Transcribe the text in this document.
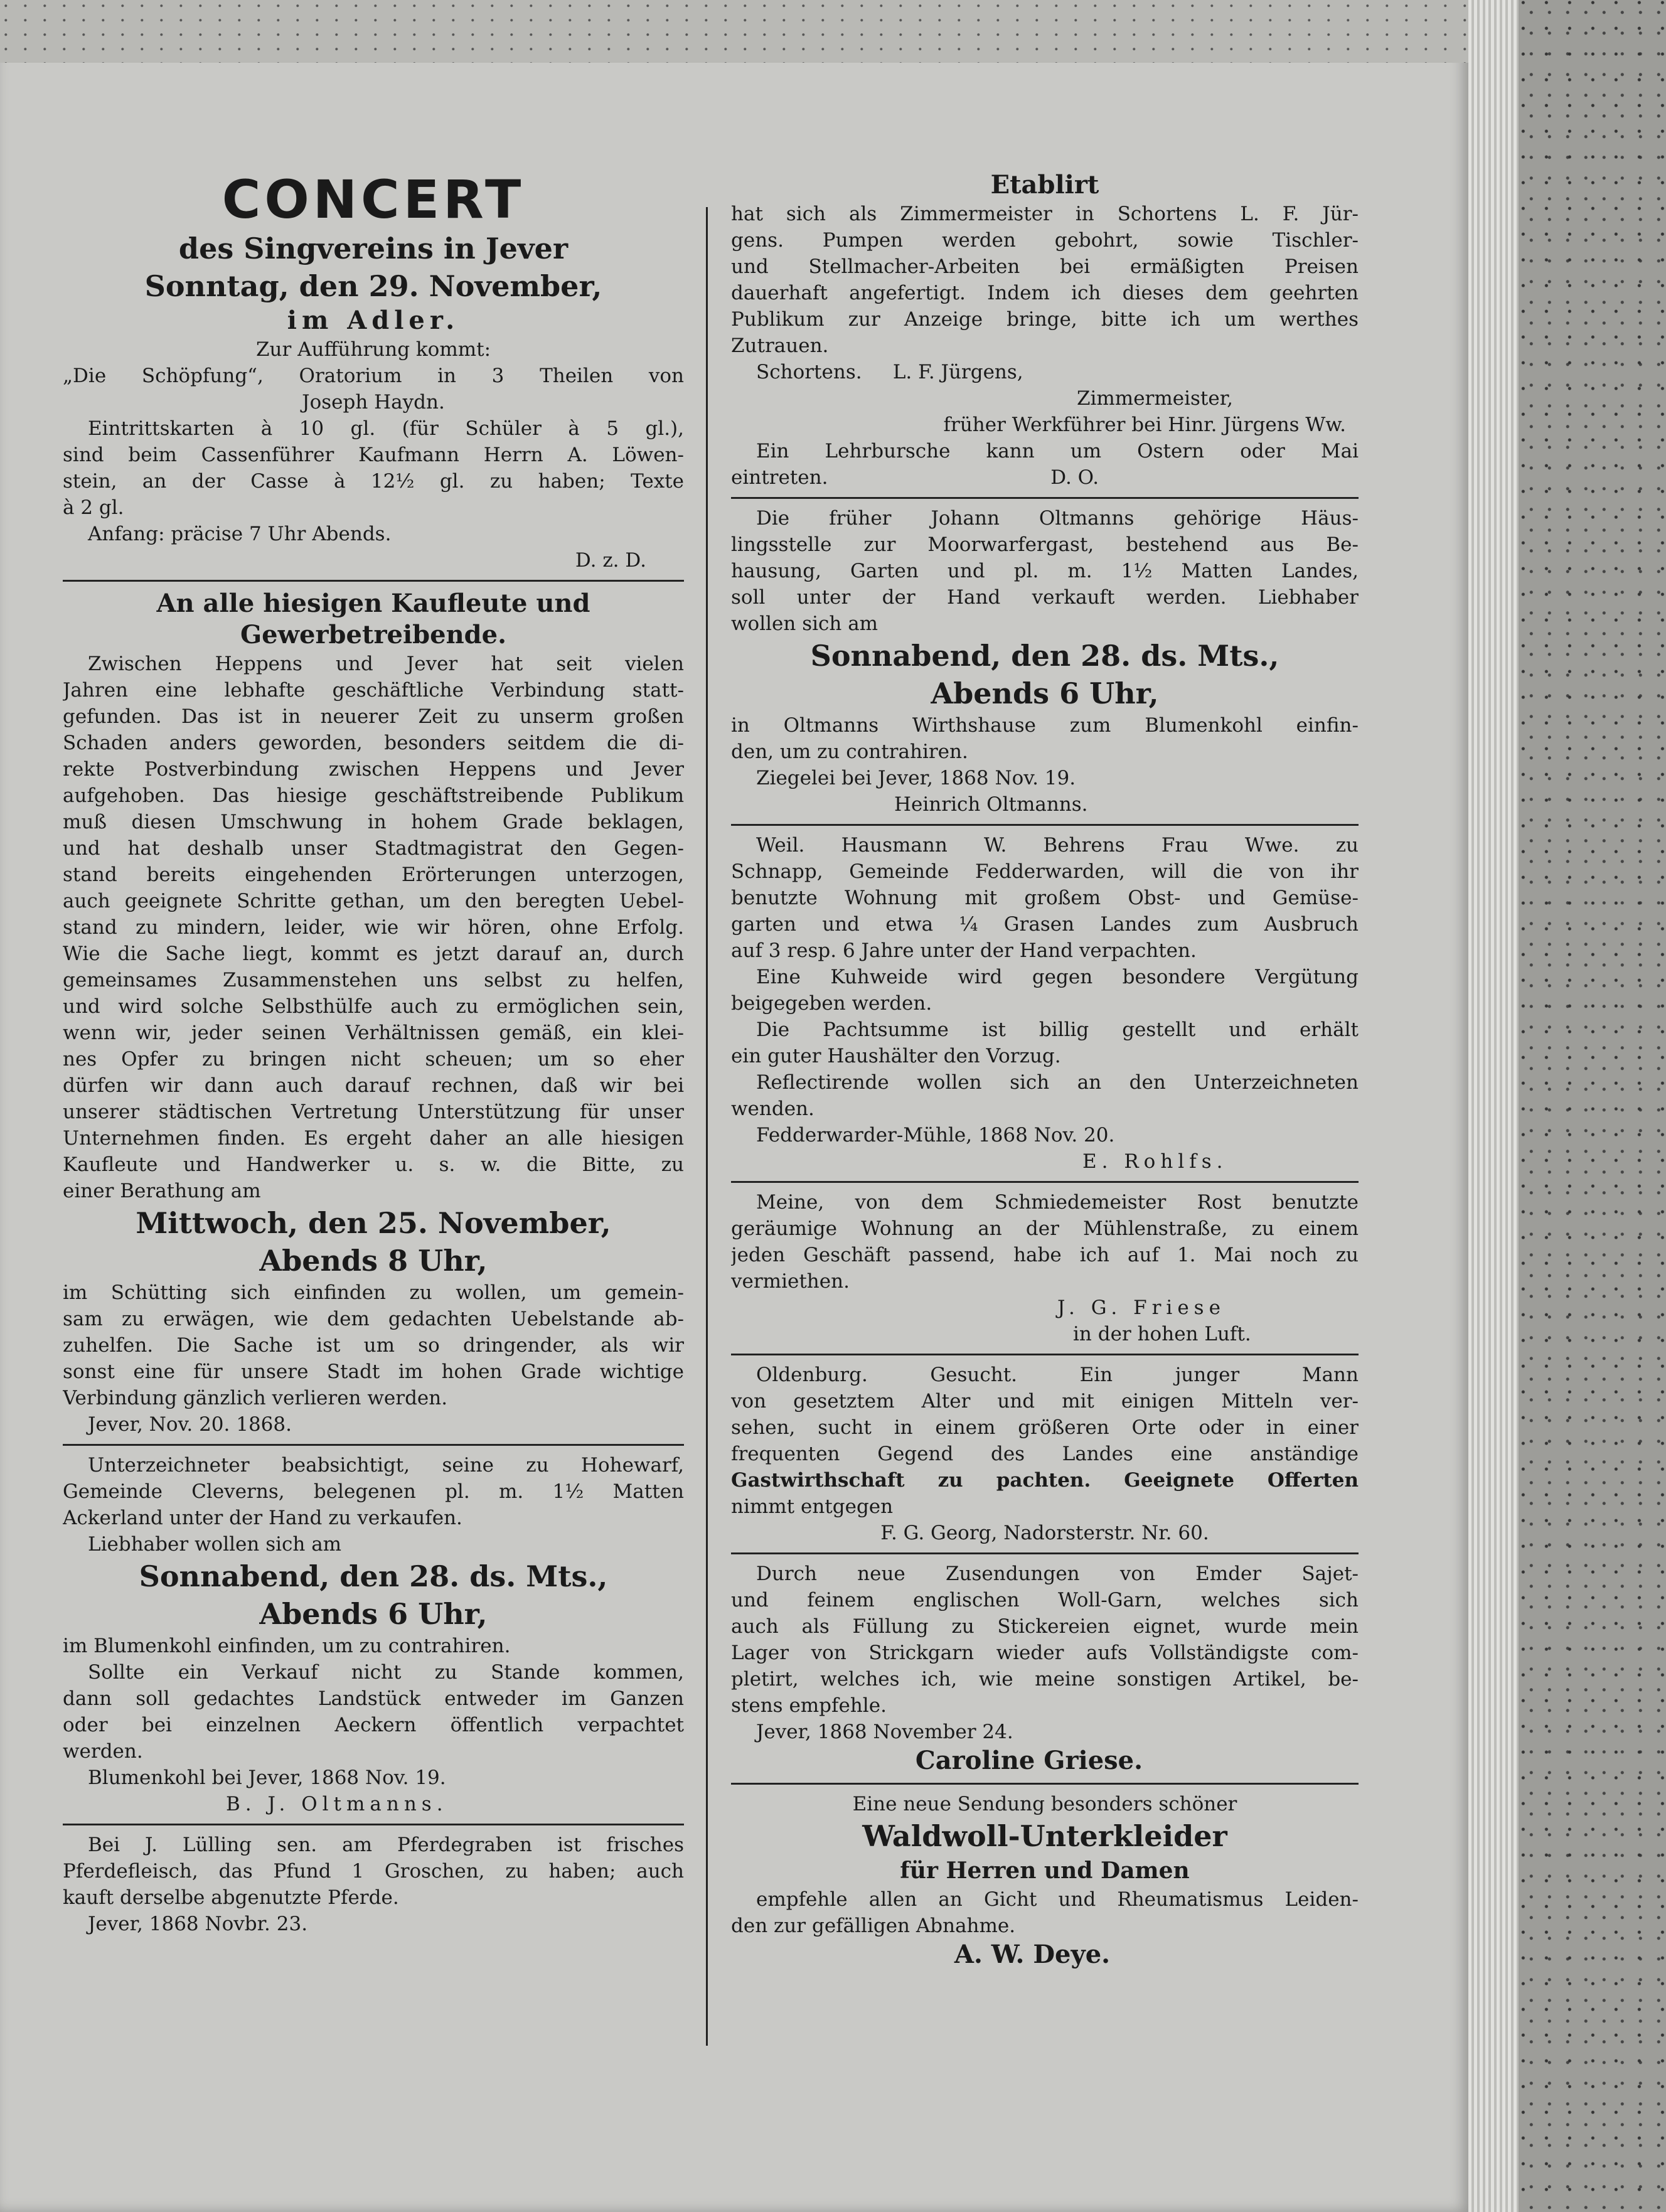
CONCERT
des Singvereins in Jever
Sonntag, den 29. November,
im Adler.
Zur Aufführung kommt:
„Die Schöpfung“, Oratorium in 3 Theilen von
Joseph Haydn.
Eintrittskarten à 10 gl. (für Schüler à 5 gl.),
sind beim Cassenführer Kaufmann Herrn A. Löwen-
stein, an der Casse à 12½ gl. zu haben; Texte
à 2 gl.
Anfang: präcise 7 Uhr Abends.
D. z. D.
An alle hiesigen Kaufleute und
Gewerbetreibende.
Zwischen Heppens und Jever hat seit vielen
Jahren eine lebhafte geschäftliche Verbindung statt-
gefunden. Das ist in neuerer Zeit zu unserm großen
Schaden anders geworden, besonders seitdem die di-
rekte Postverbindung zwischen Heppens und Jever
aufgehoben. Das hiesige geschäftstreibende Publikum
muß diesen Umschwung in hohem Grade beklagen,
und hat deshalb unser Stadtmagistrat den Gegen-
stand bereits eingehenden Erörterungen unterzogen,
auch geeignete Schritte gethan, um den beregten Uebel-
stand zu mindern, leider, wie wir hören, ohne Erfolg.
Wie die Sache liegt, kommt es jetzt darauf an, durch
gemeinsames Zusammenstehen uns selbst zu helfen,
und wird solche Selbsthülfe auch zu ermöglichen sein,
wenn wir, jeder seinen Verhältnissen gemäß, ein klei-
nes Opfer zu bringen nicht scheuen; um so eher
dürfen wir dann auch darauf rechnen, daß wir bei
unserer städtischen Vertretung Unterstützung für unser
Unternehmen finden. Es ergeht daher an alle hiesigen
Kaufleute und Handwerker u. s. w. die Bitte, zu
einer Berathung am
Mittwoch, den 25. November,
Abends 8 Uhr,
im Schütting sich einfinden zu wollen, um gemein-
sam zu erwägen, wie dem gedachten Uebelstande ab-
zuhelfen. Die Sache ist um so dringender, als wir
sonst eine für unsere Stadt im hohen Grade wichtige
Verbindung gänzlich verlieren werden.
Jever, Nov. 20. 1868.
Unterzeichneter beabsichtigt, seine zu Hohewarf,
Gemeinde Cleverns, belegenen pl. m. 1½ Matten
Ackerland unter der Hand zu verkaufen.
Liebhaber wollen sich am
Sonnabend, den 28. ds. Mts.,
Abends 6 Uhr,
im Blumenkohl einfinden, um zu contrahiren.
Sollte ein Verkauf nicht zu Stande kommen,
dann soll gedachtes Landstück entweder im Ganzen
oder bei einzelnen Aeckern öffentlich verpachtet
werden.
Blumenkohl bei Jever, 1868 Nov. 19.
B. J. Oltmanns.
Bei J. Lülling sen. am Pferdegraben ist frisches
Pferdefleisch, das Pfund 1 Groschen, zu haben; auch
kauft derselbe abgenutzte Pferde.
Jever, 1868 Novbr. 23.
Etablirt
hat sich als Zimmermeister in Schortens L. F. Jür-
gens. Pumpen werden gebohrt, sowie Tischler-
und Stellmacher-Arbeiten bei ermäßigten Preisen
dauerhaft angefertigt. Indem ich dieses dem geehrten
Publikum zur Anzeige bringe, bitte ich um werthes
Zutrauen.
Schortens.     L. F. Jürgens,
Zimmermeister,
früher Werkführer bei Hinr. Jürgens Ww.
Ein Lehrbursche kann um Ostern oder Mai
eintreten.                                    D. O.
Die früher Johann Oltmanns gehörige Häus-
lingsstelle zur Moorwarfergast, bestehend aus Be-
hausung, Garten und pl. m. 1½ Matten Landes,
soll unter der Hand verkauft werden. Liebhaber
wollen sich am
Sonnabend, den 28. ds. Mts.,
Abends 6 Uhr,
in Oltmanns Wirthshause zum Blumenkohl einfin-
den, um zu contrahiren.
Ziegelei bei Jever, 1868 Nov. 19.
Heinrich Oltmanns.
Weil. Hausmann W. Behrens Frau Wwe. zu
Schnapp, Gemeinde Fedderwarden, will die von ihr
benutzte Wohnung mit großem Obst- und Gemüse-
garten und etwa ¼ Grasen Landes zum Ausbruch
auf 3 resp. 6 Jahre unter der Hand verpachten.
Eine Kuhweide wird gegen besondere Vergütung
beigegeben werden.
Die Pachtsumme ist billig gestellt und erhält
ein guter Haushälter den Vorzug.
Reflectirende wollen sich an den Unterzeichneten
wenden.
Fedderwarder-Mühle, 1868 Nov. 20.
E. Rohlfs.
Meine, von dem Schmiedemeister Rost benutzte
geräumige Wohnung an der Mühlenstraße, zu einem
jeden Geschäft passend, habe ich auf 1. Mai noch zu
vermiethen.
J. G. Friese
in der hohen Luft.
Oldenburg. Gesucht. Ein junger Mann
von gesetztem Alter und mit einigen Mitteln ver-
sehen, sucht in einem größeren Orte oder in einer
frequenten Gegend des Landes eine anständige
Gastwirthschaft zu pachten. Geeignete Offerten
nimmt entgegen
F. G. Georg, Nadorsterstr. Nr. 60.
Durch neue Zusendungen von Emder Sajet-
und feinem englischen Woll-Garn, welches sich
auch als Füllung zu Stickereien eignet, wurde mein
Lager von Strickgarn wieder aufs Vollständigste com-
pletirt, welches ich, wie meine sonstigen Artikel, be-
stens empfehle.
Jever, 1868 November 24.
Caroline Griese.
Eine neue Sendung besonders schöner
Waldwoll-Unterkleider
für Herren und Damen
empfehle allen an Gicht und Rheumatismus Leiden-
den zur gefälligen Abnahme.
A. W. Deye.
